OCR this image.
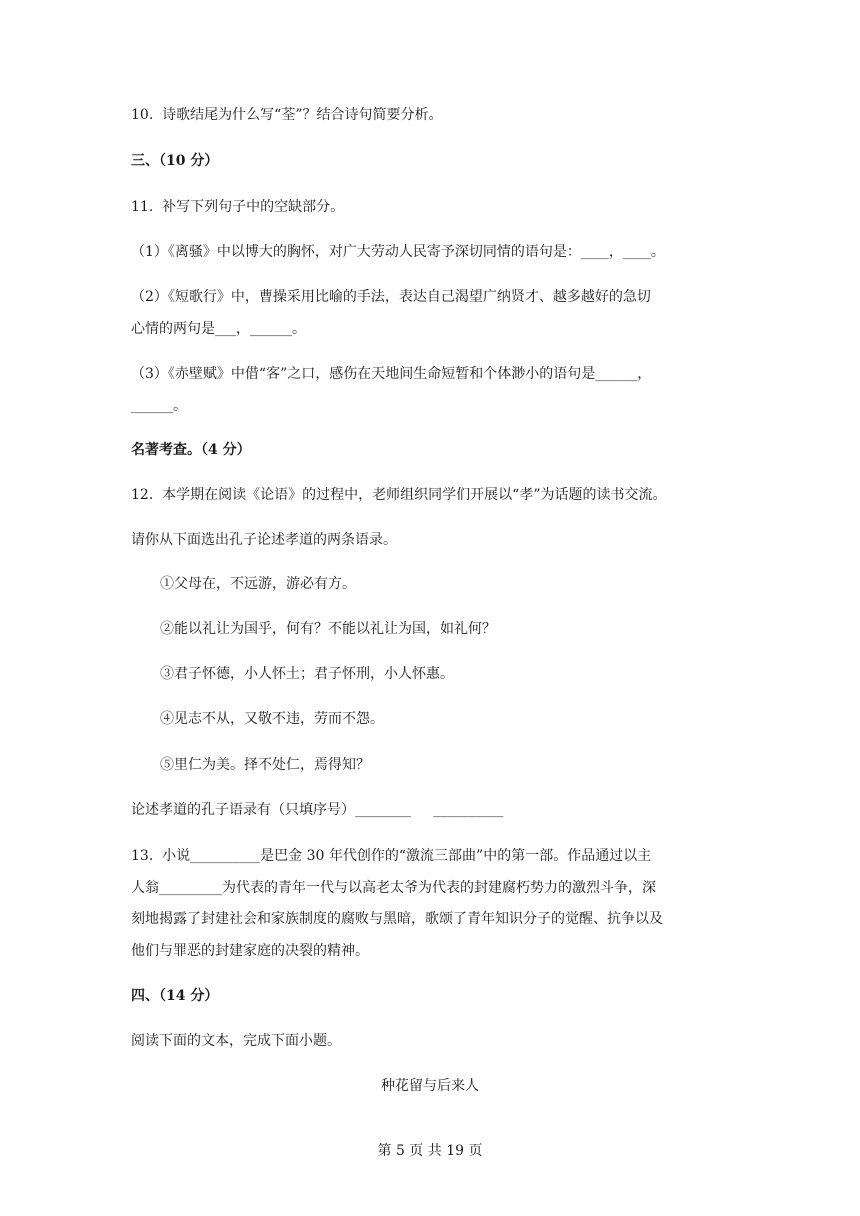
10.  诗歌结尾为什么写“荃”？结合诗句简要分析。
三、（10 分）
11.  补写下列句子中的空缺部分。
（1）《离骚》中以博大的胸怀，对广大劳动人民寄予深切同情的语句是：____，____。
（2）《短歌行》中，曹操采用比喻的手法，表达自己渴望广纳贤才、越多越好的急切
心情的两句是___，______。
（3）《赤壁赋》中借“客”之口，感伤在天地间生命短暂和个体渺小的语句是______，
______。
名著考查。（4 分）
12.  本学期在阅读《论语》的过程中，老师组织同学们开展以“孝”为话题的读书交流。
请你从下面选出孔子论述孝道的两条语录。
①父母在，不远游，游必有方。
②能以礼让为国乎，何有？不能以礼让为国，如礼何？
③君子怀德，小人怀土；君子怀刑，小人怀惠。
④见志不从，又敬不违，劳而不怨。
⑤里仁为美。择不处仁，焉得知？
论述孝道的孔子语录有（只填序号）________     __________
13.  小说__________是巴金 30 年代创作的“激流三部曲”中的第一部。作品通过以主
人翁_________为代表的青年一代与以高老太爷为代表的封建腐朽势力的激烈斗争，深
刻地揭露了封建社会和家族制度的腐败与黑暗，歌颂了青年知识分子的觉醒、抗争以及
他们与罪恶的封建家庭的决裂的精神。
四、（14 分）
阅读下面的文本，完成下面小题。
种花留与后来人
第 5 页 共 19 页
